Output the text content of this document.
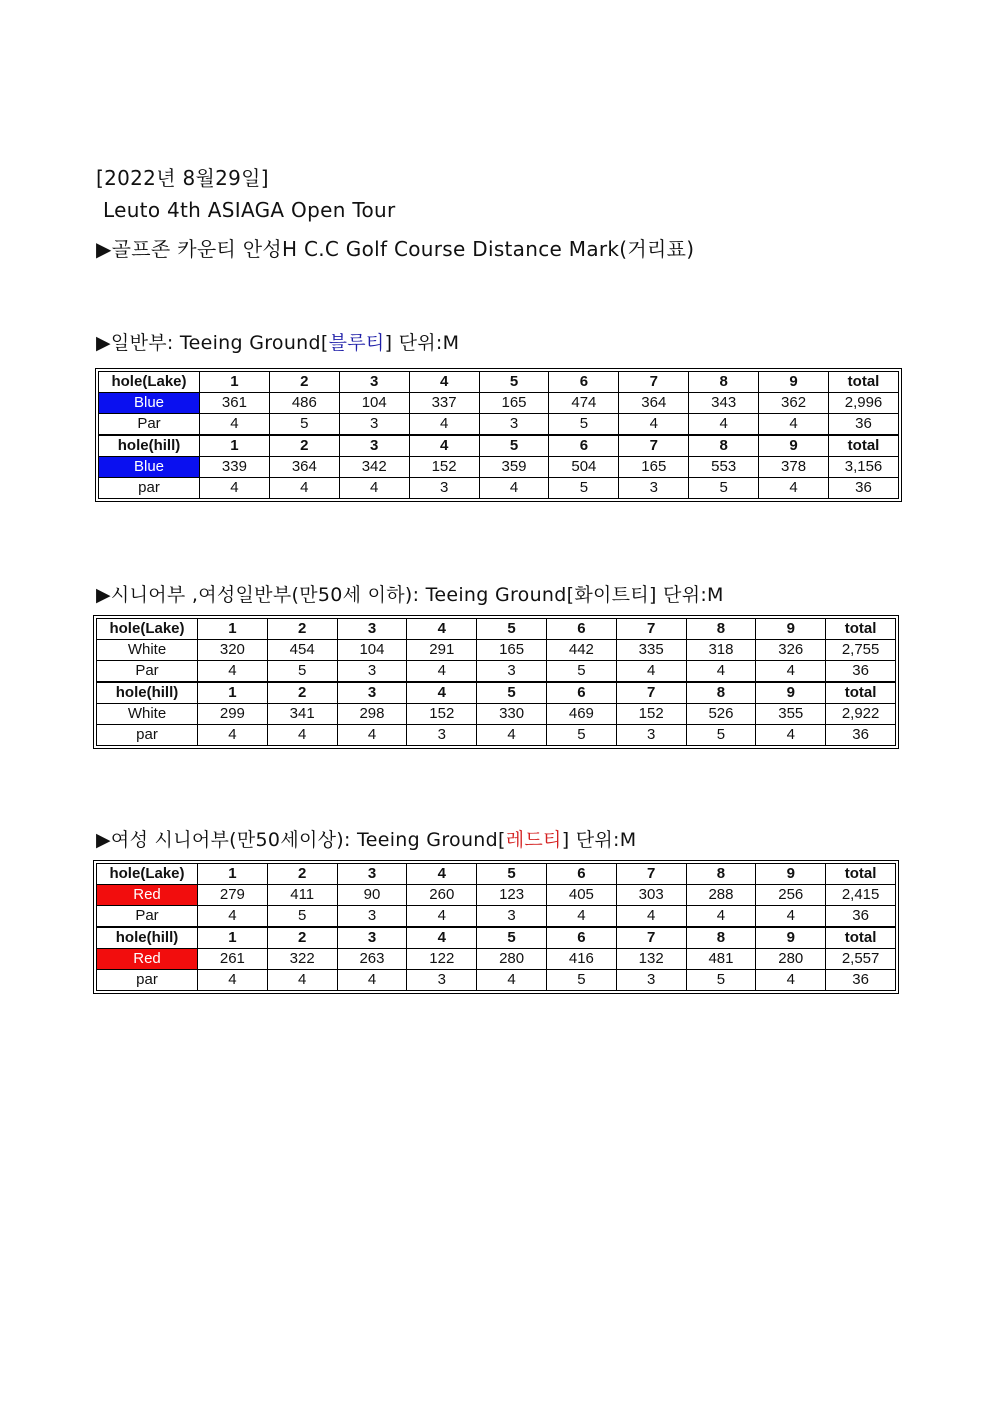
[2022년 8월29일]
Leuto 4th ASIAGA Open Tour
▶골프존 카운티 안성H C.C Golf Course Distance Mark(거리표)
▶일반부: Teeing Ground[블루티] 단위:M
hole(Lake)	1	2	3	4	5	6	7	8	9	total
Blue	361	486	104	337	165	474	364	343	362	2,996
Par	4	5	3	4	3	5	4	4	4	36
hole(hill)	1	2	3	4	5	6	7	8	9	total
Blue	339	364	342	152	359	504	165	553	378	3,156
par	4	4	4	3	4	5	3	5	4	36
▶시니어부 ,여성일반부(만50세 이하): Teeing Ground[화이트티] 단위:M
hole(Lake)	1	2	3	4	5	6	7	8	9	total
White	320	454	104	291	165	442	335	318	326	2,755
Par	4	5	3	4	3	5	4	4	4	36
hole(hill)	1	2	3	4	5	6	7	8	9	total
White	299	341	298	152	330	469	152	526	355	2,922
par	4	4	4	3	4	5	3	5	4	36
▶여성 시니어부(만50세이상): Teeing Ground[레드티] 단위:M
hole(Lake)	1	2	3	4	5	6	7	8	9	total
Red	279	411	90	260	123	405	303	288	256	2,415
Par	4	5	3	4	3	4	4	4	4	36
hole(hill)	1	2	3	4	5	6	7	8	9	total
Red	261	322	263	122	280	416	132	481	280	2,557
par	4	4	4	3	4	5	3	5	4	36
